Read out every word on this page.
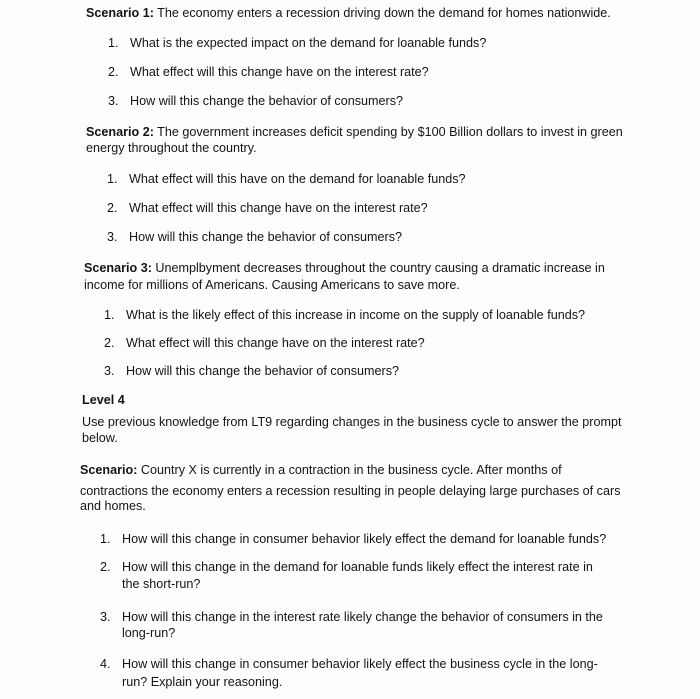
Scenario 1: The economy enters a recession driving down the demand for homes nationwide.
1. What is the expected impact on the demand for loanable funds?
2. What effect will this change have on the interest rate?
3. How will this change the behavior of consumers?
Scenario 2: The government increases deficit spending by $100 Billion dollars to invest in green
energy throughout the country.
1. What effect will this have on the demand for loanable funds?
2. What effect will this change have on the interest rate?
3. How will this change the behavior of consumers?
Scenario 3: Unemplbyment decreases throughout the country causing a dramatic increase in
income for millions of Americans. Causing Americans to save more.
1. What is the likely effect of this increase in income on the supply of loanable funds?
2. What effect will this change have on the interest rate?
3. How will this change the behavior of consumers?
Level 4
Use previous knowledge from LT9 regarding changes in the business cycle to answer the prompt
below.
Scenario: Country X is currently in a contraction in the business cycle. After months of
contractions the economy enters a recession resulting in people delaying large purchases of cars
and homes.
1. How will this change in consumer behavior likely effect the demand for loanable funds?
2. How will this change in the demand for loanable funds likely effect the interest rate in
the short-run?
3. How will this change in the interest rate likely change the behavior of consumers in the
long-run?
4. How will this change in consumer behavior likely effect the business cycle in the long-
run? Explain your reasoning.
